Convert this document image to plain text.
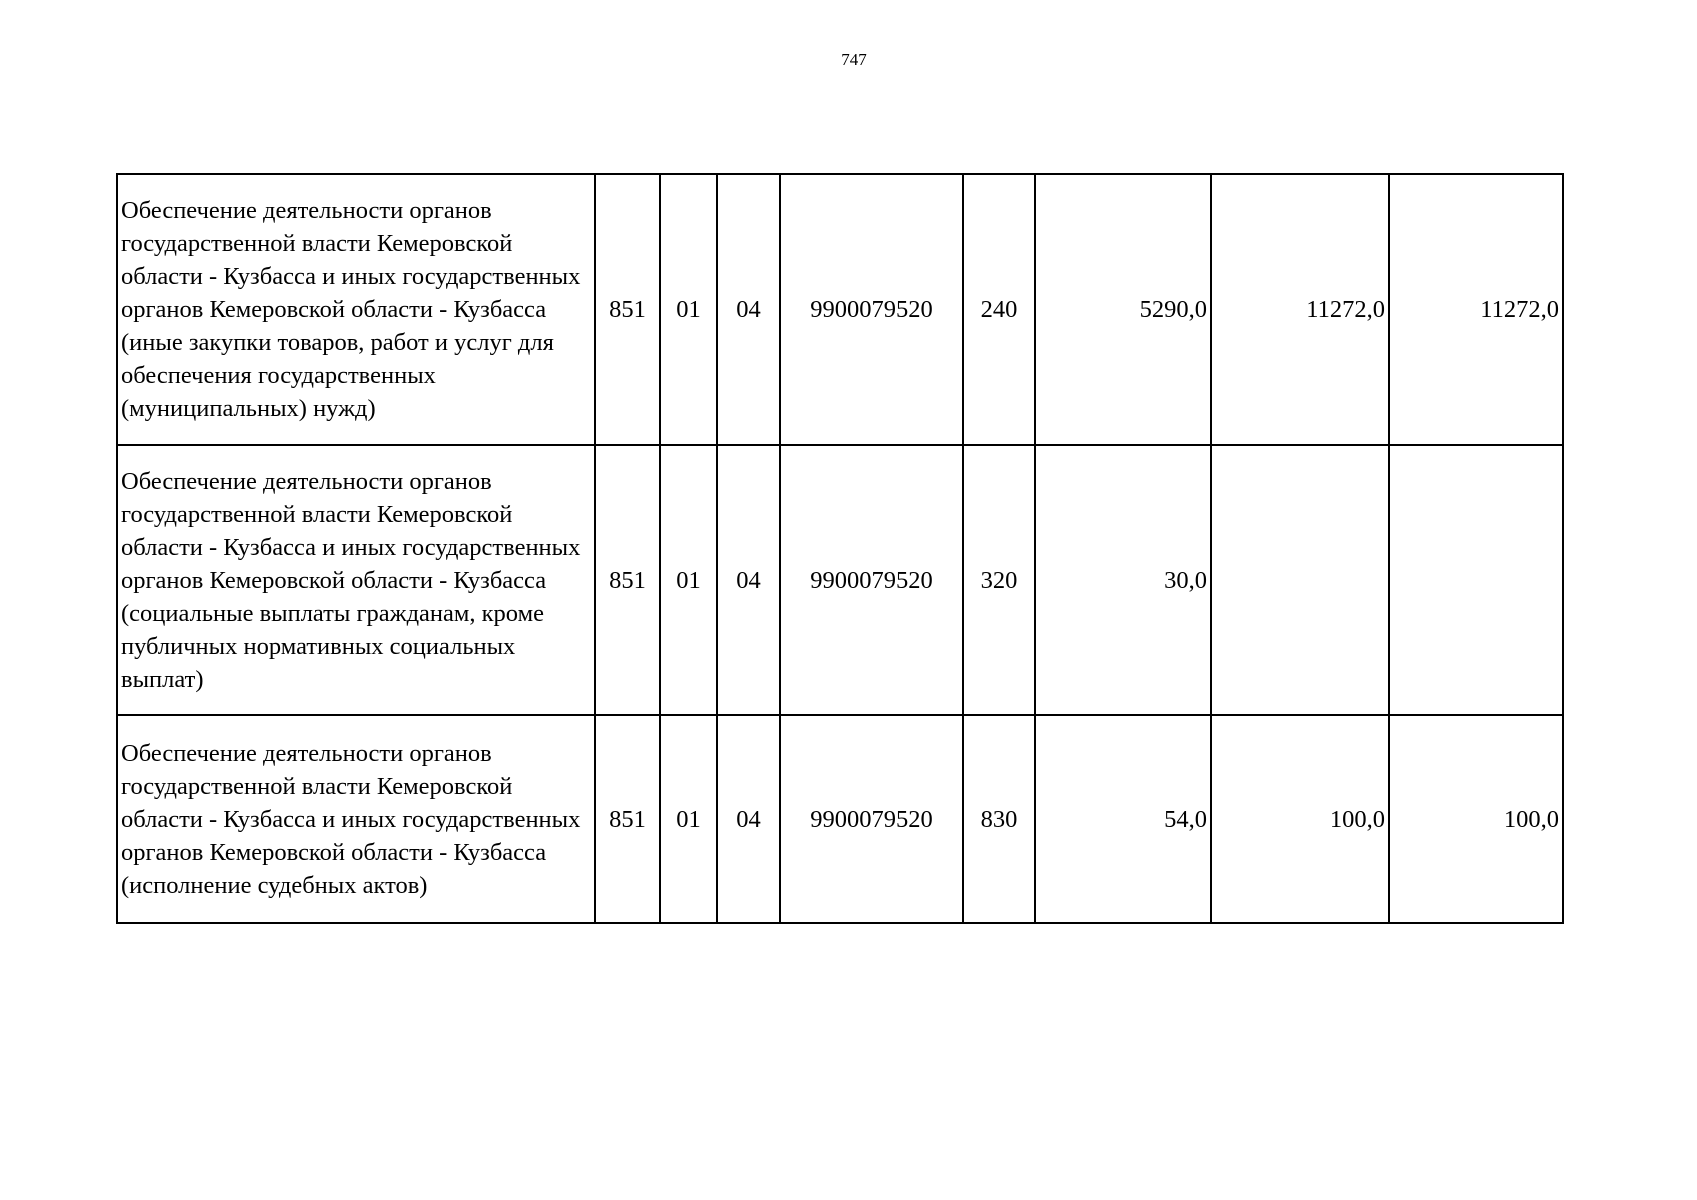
747
Обеспечение деятельности органов государственной власти Кемеровской области - Кузбасса и иных государственных органов Кемеровской области - Кузбасса (иные закупки товаров, работ и услуг для обеспечения государственных (муниципальных) нужд)	851	01	04	9900079520	240	5290,0	11272,0	11272,0
Обеспечение деятельности органов государственной власти Кемеровской области - Кузбасса и иных государственных органов Кемеровской области - Кузбасса (социальные выплаты гражданам, кроме публичных нормативных социальных выплат)	851	01	04	9900079520	320	30,0		
Обеспечение деятельности органов государственной власти Кемеровской области - Кузбасса и иных государственных органов Кемеровской области - Кузбасса (исполнение судебных актов)	851	01	04	9900079520	830	54,0	100,0	100,0
